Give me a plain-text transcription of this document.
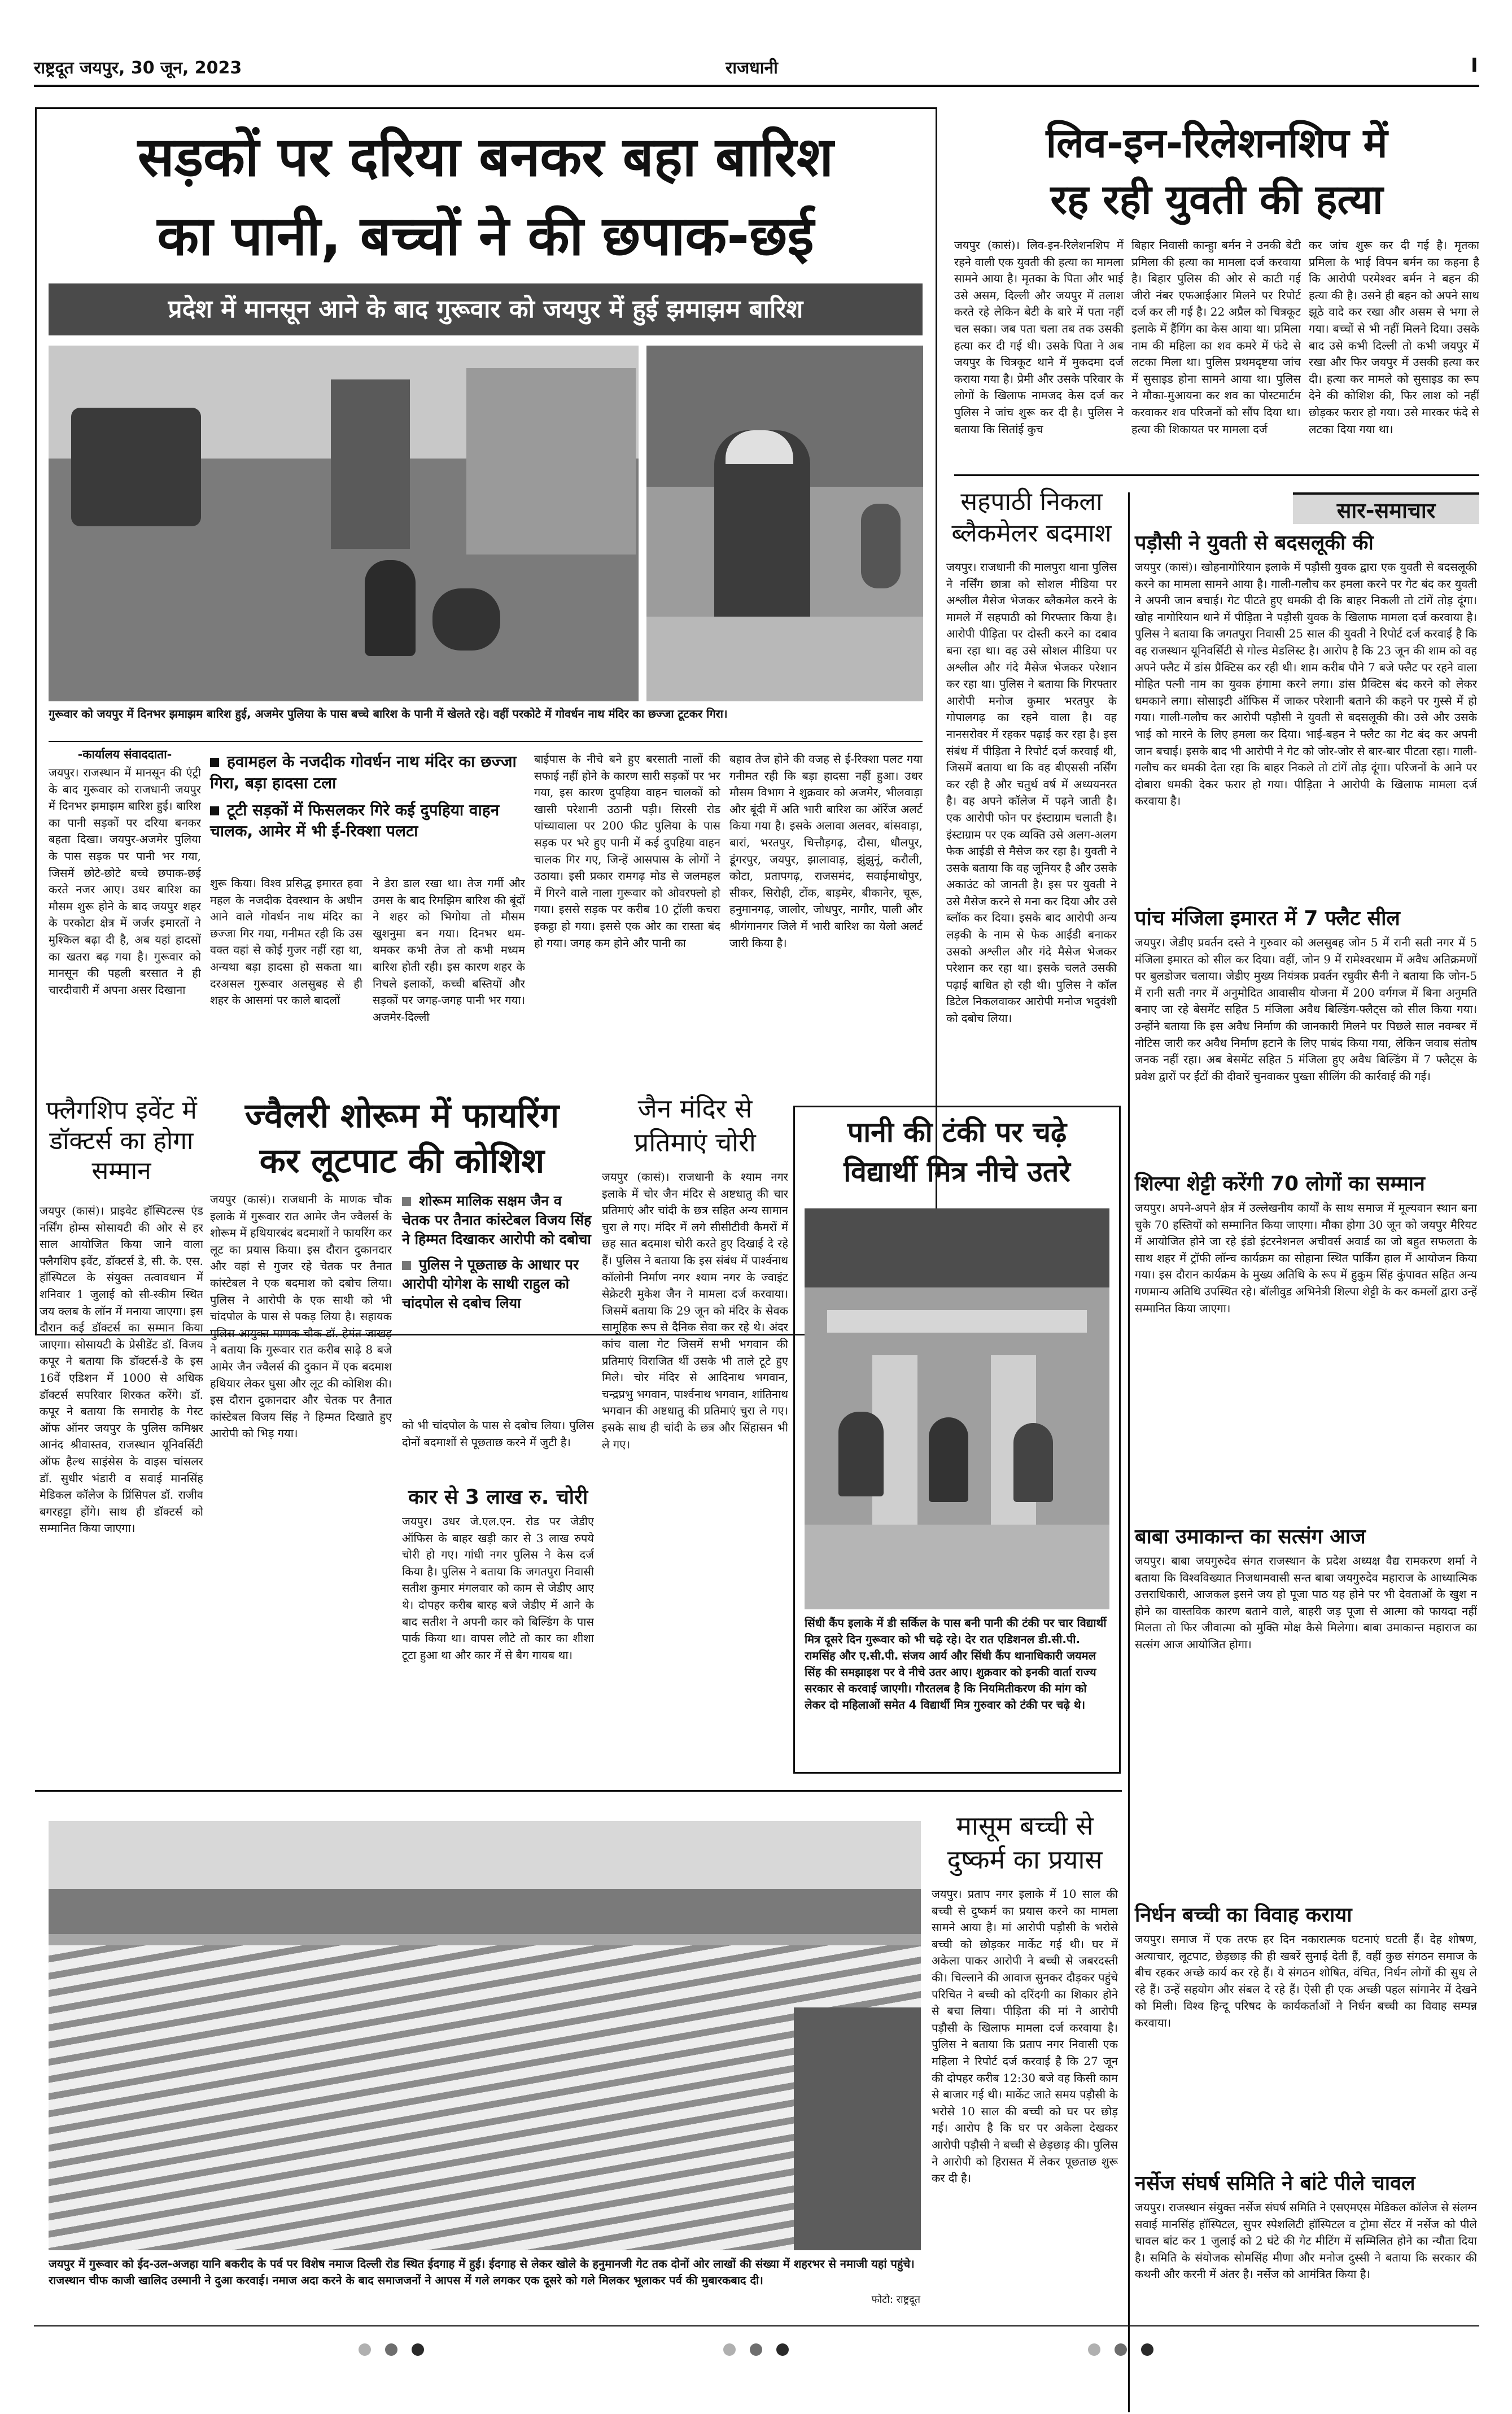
राष्ट्रदूत जयपुर, 30 जून, 2023	राजधानी	I
सड़कों पर दरिया बनकर बहा बारिश
का पानी, बच्चों ने की छपाक-छई
प्रदेश में मानसून आने के बाद गुरूवार को जयपुर में हुई झमाझम बारिश
गुरूवार को जयपुर में दिनभर झमाझम बारिश हुई, अजमेर पुलिया के पास बच्चे बारिश के पानी में खेलते रहे। वहीं परकोटे में गोवर्धन नाथ मंदिर का छज्जा टूटकर गिरा।
-कार्यालय संवाददाता-
जयपुर। राजस्थान में मानसून की एंट्री के बाद गुरूवार को राजधानी जयपुर में दिनभर झमाझम बारिश हुई। बारिश का पानी सड़कों पर दरिया बनकर बहता दिखा। जयपुर-अजमेर पुलिया के पास सड़क पर पानी भर गया, जिसमें छोटे-छोटे बच्चे छपाक-छई करते नजर आए। उधर बारिश का मौसम शुरू होने के बाद जयपुर शहर के परकोटा क्षेत्र में जर्जर इमारतों ने मुश्किल बढ़ा दी है, अब यहां हादसों का खतरा बढ़ गया है। गुरूवार को मानसून की पहली बरसात ने ही चारदीवारी में अपना असर दिखाना
हवामहल के नजदीक गोवर्धन नाथ मंदिर का छज्जा गिरा, बड़ा हादसा टला
टूटी सड़कों में फिसलकर गिरे कई दुपहिया वाहन चालक, आमेर में भी ई-रिक्शा पलटा
शुरू किया। विश्व प्रसिद्ध इमारत हवा महल के नजदीक देवस्थान के अधीन आने वाले गोवर्धन नाथ मंदिर का छज्जा गिर गया, गनीमत रही कि उस वक्त वहां से कोई गुजर नहीं रहा था, अन्यथा बड़ा हादसा हो सकता था। दरअसल गुरूवार अलसुबह से ही शहर के आसमां पर काले बादलों
ने डेरा डाल रखा था। तेज गर्मी और उमस के बाद रिमझिम बारिश की बूंदों ने शहर को भिगोया तो मौसम खुशनुमा बन गया। दिनभर थम-थमकर कभी तेज तो कभी मध्यम बारिश होती रही। इस कारण शहर के निचले इलाकों, कच्ची बस्तियों और सड़कों पर जगह-जगह पानी भर गया। अजमेर-दिल्ली
बाईपास के नीचे बने हुए बरसाती नालों की सफाई नहीं होने के कारण सारी सड़कों पर भर गया, इस कारण दुपहिया वाहन चालकों को खासी परेशानी उठानी पड़ी। सिरसी रोड पांच्यावाला पर 200 फीट पुलिया के पास सड़क पर भरे हुए पानी में कई दुपहिया वाहन चालक गिर गए, जिन्हें आसपास के लोगों ने उठाया। इसी प्रकार रामगढ़ मोड से जलमहल में गिरने वाले नाला गुरूवार को ओवरफ्लो हो गया। इससे सड़क पर करीब 10 ट्रॉली कचरा इकट्ठा हो गया। इससे एक ओर का रास्ता बंद हो गया। जगह कम होने और पानी का
बहाव तेज होने की वजह से ई-रिक्शा पलट गया गनीमत रही कि बड़ा हादसा नहीं हुआ। उधर मौसम विभाग ने शुक्रवार को अजमेर, भीलवाड़ा और बूंदी में अति भारी बारिश का ऑरेंज अलर्ट किया गया है। इसके अलावा अलवर, बांसवाड़ा, बारां, भरतपुर, चित्तौड़गढ़, दौसा, धौलपुर, डूंगरपुर, जयपुर, झालावाड़, झुंझुनूं, करौली, कोटा, प्रतापगढ़, राजसमंद, सवाईमाधोपुर, सीकर, सिरोही, टोंक, बाड़मेर, बीकानेर, चूरू, हनुमानगढ़, जालोर, जोधपुर, नागौर, पाली और श्रीगंगानगर जिले में भारी बारिश का येलो अलर्ट जारी किया है।
लिव-इन-रिलेशनशिप में
रह रही युवती की हत्या
जयपुर (कासं)। लिव-इन-रिलेशनशिप में रहने वाली एक युवती की हत्या का मामला सामने आया है। मृतका के पिता और भाई उसे असम, दिल्ली और जयपुर में तलाश करते रहे लेकिन बेटी के बारे में पता नहीं चल सका। जब पता चला तब तक उसकी हत्या कर दी गई थी। उसके पिता ने अब जयपुर के चित्रकूट थाने में मुकदमा दर्ज कराया गया है। प्रेमी और उसके परिवार के लोगों के खिलाफ नामजद केस दर्ज कर पुलिस ने जांच शुरू कर दी है। पुलिस ने बताया कि सितांई कुच
बिहार निवासी कान्हुा बर्मन ने उनकी बेटी प्रमिला की हत्या का मामला दर्ज करवाया है। बिहार पुलिस की ओर से काटी गई जीरो नंबर एफआईआर मिलने पर रिपोर्ट दर्ज कर ली गई है। 22 अप्रैल को चित्रकूट इलाके में हैंगिंग का केस आया था। प्रमिला नाम की महिला का शव कमरे में फंदे से लटका मिला था। पुलिस प्रथमदृष्टया जांच में सुसाइड होना सामने आया था। पुलिस ने मौका-मुआयना कर शव का पोस्टमार्टम करवाकर शव परिजनों को सौंप दिया था। हत्या की शिकायत पर मामला दर्ज
कर जांच शुरू कर दी गई है। मृतका प्रमिला के भाई विपन बर्मन का कहना है कि आरोपी परमेश्वर बर्मन ने बहन की हत्या की है। उसने ही बहन को अपने साथ झूठे वादे कर रखा और असम से भगा ले गया। बच्चों से भी नहीं मिलने दिया। उसके बाद उसे कभी दिल्ली तो कभी जयपुर में रखा और फिर जयपुर में उसकी हत्या कर दी। हत्या कर मामले को सुसाइड का रूप देने की कोशिश की, फिर लाश को नहीं छोड़कर फरार हो गया। उसे मारकर फंदे से लटका दिया गया था।
सहपाठी निकला
ब्लैकमेलर बदमाश
जयपुर। राजधानी की मालपुरा थाना पुलिस ने नर्सिंग छात्रा को सोशल मीडिया पर अश्लील मैसेज भेजकर ब्लैकमेल करने के मामले में सहपाठी को गिरफ्तार किया है। आरोपी पीड़िता पर दोस्ती करने का दबाव बना रहा था। वह उसे सोशल मीडिया पर अश्लील और गंदे मैसेज भेजकर परेशान कर रहा था। पुलिस ने बताया कि गिरफ्तार आरोपी मनोज कुमार भरतपुर के गोपालगढ़ का रहने वाला है। वह नानसरोवर में रहकर पढ़ाई कर रहा है। इस संबंध में पीड़िता ने रिपोर्ट दर्ज करवाई थी, जिसमें बताया था कि वह बीएससी नर्सिंग कर रही है और चतुर्थ वर्ष में अध्ययनरत है। वह अपने कॉलेज में पढ़ने जाती है। एक आरोपी फोन पर इंस्टाग्राम चलाती है। इंस्टाग्राम पर एक व्यक्ति उसे अलग-अलग फेक आईडी से मैसेज कर रहा है। युवती ने उसके बताया कि वह जूनियर है और उसके अकाउंट को जानती है। इस पर युवती ने उसे मैसेज करने से मना कर दिया और उसे ब्लॉक कर दिया। इसके बाद आरोपी अन्य लड़की के नाम से फेक आईडी बनाकर उसको अश्लील और गंदे मैसेज भेजकर परेशान कर रहा था। इसके चलते उसकी पढ़ाई बाधित हो रही थी। पुलिस ने कॉल डिटेल निकलवाकर आरोपी मनोज भदुवंशी को दबोच लिया।
सार-समाचार
पड़ौसी ने युवती से बदसलूकी की
जयपुर (कासं)। खोहनागोरियान इलाके में पड़ौसी युवक द्वारा एक युवती से बदसलूकी करने का मामला सामने आया है। गाली-गलौच कर हमला करने पर गेट बंद कर युवती ने अपनी जान बचाई। गेट पीटते हुए धमकी दी कि बाहर निकली तो टांगें तोड़ दूंगा। खोह नागोरियान थाने में पीड़िता ने पड़ौसी युवक के खिलाफ मामला दर्ज करवाया है। पुलिस ने बताया कि जगतपुरा निवासी 25 साल की युवती ने रिपोर्ट दर्ज करवाई है कि वह राजस्थान यूनिवर्सिटी से गोल्ड मेडलिस्ट है। आरोप है कि 23 जून की शाम को वह अपने फ्लैट में डांस प्रैक्टिस कर रही थी। शाम करीब पौने 7 बजे फ्लैट पर रहने वाला मोहित पत्नी नाम का युवक हंगामा करने लगा। डांस प्रैक्टिस बंद करने को लेकर धमकाने लगा। सोसाइटी ऑफिस में जाकर परेशानी बताने की कहने पर गुस्से में हो गया। गाली-गलौच कर आरोपी पड़ौसी ने युवती से बदसलूकी की। उसे और उसके भाई को मारने के लिए हमला कर दिया। भाई-बहन ने फ्लैट का गेट बंद कर अपनी जान बचाई। इसके बाद भी आरोपी ने गेट को जोर-जोर से बार-बार पीटता रहा। गाली-गलौच कर धमकी देता रहा कि बाहर निकले तो टांगें तोड़ दूंगा। परिजनों के आने पर दोबारा धमकी देकर फरार हो गया। पीड़िता ने आरोपी के खिलाफ मामला दर्ज करवाया है।
पांच मंजिला इमारत में 7 फ्लैट सील
जयपुर। जेडीए प्रवर्तन दस्ते ने गुरुवार को अलसुबह जोन 5 में रानी सती नगर में 5 मंजिला इमारत को सील कर दिया। वहीं, जोन 9 में रामेश्वरधाम में अवैध अतिक्रमणों पर बुलडोजर चलाया। जेडीए मुख्य नियंत्रक प्रवर्तन रघुवीर सैनी ने बताया कि जोन-5 में रानी सती नगर में अनुमोदित आवासीय योजना में 200 वर्गगज में बिना अनुमति बनाए जा रहे बेसमेंट सहित 5 मंजिला अवैध बिल्डिंग-फ्लैट्स को सील किया गया। उन्होंने बताया कि इस अवैध निर्माण की जानकारी मिलने पर पिछले साल नवम्बर में नोटिस जारी कर अवैध निर्माण हटाने के लिए पाबंद किया गया, लेकिन जवाब संतोष जनक नहीं रहा। अब बेसमेंट सहित 5 मंजिला हुए अवैध बिल्डिंग में 7 फ्लैट्स के प्रवेश द्वारों पर ईंटों की दीवारें चुनवाकर पुख्ता सीलिंग की कार्रवाई की गई।
शिल्पा शेट्टी करेंगी 70 लोगों का सम्मान
जयपुर। अपने-अपने क्षेत्र में उल्लेखनीय कार्यों के साथ समाज में मूल्यवान स्थान बना चुके 70 हस्तियों को सम्मानित किया जाएगा। मौका होगा 30 जून को जयपुर मैरियट में आयोजित होने जा रहे इंडो इंटरनेशनल अचीवर्स अवार्ड का जो बहुत सफलता के साथ शहर में ट्रॉफी लॉन्च कार्यक्रम का सोहाना स्थित पार्किंग हाल में आयोजन किया गया। इस दौरान कार्यक्रम के मुख्य अतिथि के रूप में हुकुम सिंह कुंपावत सहित अन्य गणमान्य अतिथि उपस्थित रहे। बॉलीवुड अभिनेत्री शिल्पा शेट्टी के कर कमलों द्वारा उन्हें सम्मानित किया जाएगा।
बाबा उमाकान्त का सत्संग आज
जयपुर। बाबा जयगुरुदेव संगत राजस्थान के प्रदेश अध्यक्ष वैद्य रामकरण शर्मा ने बताया कि विश्वविख्यात निजधामवासी सन्त बाबा जयगुरुदेव महाराज के आध्यात्मिक उत्तराधिकारी, आजकल इसने जय हो पूजा पाठ यह होने पर भी देवताओं के खुश न होने का वास्तविक कारण बताने वाले, बाहरी जड़ पूजा से आत्मा को फायदा नहीं मिलता तो फिर जीवात्मा को मुक्ति मोक्ष कैसे मिलेगा। बाबा उमाकान्त महाराज का सत्संग आज आयोजित होगा।
निर्धन बच्ची का विवाह कराया
जयपुर। समाज में एक तरफ हर दिन नकारात्मक घटनाएं घटती हैं। देह शोषण, अत्याचार, लूटपाट, छेड़छाड़ की ही खबरें सुनाई देती हैं, वहीं कुछ संगठन समाज के बीच रहकर अच्छे कार्य कर रहे हैं। ये संगठन शोषित, वंचित, निर्धन लोगों की सुध ले रहे हैं। उन्हें सहयोग और संबल दे रहे हैं। ऐसी ही एक अच्छी पहल सांगानेर में देखने को मिली। विश्व हिन्दू परिषद के कार्यकर्ताओं ने निर्धन बच्ची का विवाह सम्पन्न करवाया।
नर्सेज संघर्ष समिति ने बांटे पीले चावल
जयपुर। राजस्थान संयुक्त नर्सेज संघर्ष समिति ने एसएमएस मेडिकल कॉलेज से संलग्न सवाई मानसिंह हॉस्पिटल, सुपर स्पेशलिटी हॉस्पिटल व ट्रोमा सेंटर में नर्सेज को पीले चावल बांट कर 1 जुलाई को 2 घंटे की गेट मीटिंग में सम्मिलित होने का न्यौता दिया है। समिति के संयोजक सोमसिंह मीणा और मनोज दुस्सी ने बताया कि सरकार की कथनी और करनी में अंतर है। नर्सेज को आमंत्रित किया है।
फ्लैगशिप इवेंट में डॉक्टर्स का होगा सम्मान
जयपुर (कासं)। प्राइवेट हॉस्पिटल्स एंड नर्सिंग होम्स सोसायटी की ओर से हर साल आयोजित किया जाने वाला फ्लैगशिप इवेंट, डॉक्टर्स डे, सी. के. एस. हॉस्पिटल के संयुक्त तत्वावधान में शनिवार 1 जुलाई को सी-स्कीम स्थित जय क्लब के लॉन में मनाया जाएगा। इस दौरान कई डॉक्टर्स का सम्मान किया जाएगा। सोसायटी के प्रेसीडेंट डॉ. विजय कपूर ने बताया कि डॉक्टर्स-डे के इस 16वें एडिशन में 1000 से अधिक डॉक्टर्स सपरिवार शिरकत करेंगे। डॉ. कपूर ने बताया कि समारोह के गेस्ट ऑफ ऑनर जयपुर के पुलिस कमिश्नर आनंद श्रीवास्तव, राजस्थान यूनिवर्सिटी ऑफ हैल्थ साइंसेस के वाइस चांसलर डॉ. सुधीर भंडारी व सवाई मानसिंह मेडिकल कॉलेज के प्रिंसिपल डॉ. राजीव बगरहट्टा होंगे। साथ ही डॉक्टर्स को सम्मानित किया जाएगा।
ज्वैलरी शोरूम में फायरिंग
कर लूटपाट की कोशिश
जयपुर (कासं)। राजधानी के माणक चौक इलाके में गुरूवार रात आमेर जैन ज्वैलर्स के शोरूम में हथियारबंद बदमाशों ने फायरिंग कर लूट का प्रयास किया। इस दौरान दुकानदार और वहां से गुजर रहे चेतक पर तैनात कांस्टेबल ने एक बदमाश को दबोच लिया। पुलिस ने आरोपी के एक साथी को भी चांदपोल के पास से पकड़ लिया है। सहायक पुलिस आयुक्त माणक चौक डॉ. हेमंत जाखड़ ने बताया कि गुरूवार रात करीब साढ़े 8 बजे आमेर जैन ज्वैलर्स की दुकान में एक बदमाश हथियार लेकर घुसा और लूट की कोशिश की। इस दौरान दुकानदार और चेतक पर तैनात कांस्टेबल विजय सिंह ने हिम्मत दिखाते हुए आरोपी को भिड़ गया।
शोरूम मालिक सक्षम जैन व चेतक पर तैनात कांस्टेबल विजय सिंह ने हिम्मत दिखाकर आरोपी को दबोचा
पुलिस ने पूछताछ के आधार पर आरोपी योगेश के साथी राहुल को चांदपोल से दबोच लिया
को भी चांदपोल के पास से दबोच लिया। पुलिस दोनों बदमाशों से पूछताछ करने में जुटी है।
कार से 3 लाख रु. चोरी
जयपुर। उधर जे.एल.एन. रोड पर जेडीए ऑफिस के बाहर खड़ी कार से 3 लाख रुपये चोरी हो गए। गांधी नगर पुलिस ने केस दर्ज किया है। पुलिस ने बताया कि जगतपुरा निवासी सतीश कुमार मंगलवार को काम से जेडीए आए थे। दोपहर करीब बारह बजे जेडीए में आने के बाद सतीश ने अपनी कार को बिल्डिंग के पास पार्क किया था। वापस लौटे तो कार का शीशा टूटा हुआ था और कार में से बैग गायब था।
जैन मंदिर से
प्रतिमाएं चोरी
जयपुर (कासं)। राजधानी के श्याम नगर इलाके में चोर जैन मंदिर से अष्टधातु की चार प्रतिमाएं और चांदी के छत्र सहित अन्य सामान चुरा ले गए। मंदिर में लगे सीसीटीवी कैमरों में छह सात बदमाश चोरी करते हुए दिखाई दे रहे हैं। पुलिस ने बताया कि इस संबंध में पार्श्वनाथ कॉलोनी निर्माण नगर श्याम नगर के ज्वाइंट सेक्रेटरी मुकेश जैन ने मामला दर्ज करवाया। जिसमें बताया कि 29 जून को मंदिर के सेवक सामूहिक रूप से दैनिक सेवा कर रहे थे। अंदर कांच वाला गेट जिसमें सभी भगवान की प्रतिमाएं विराजित थीं उसके भी ताले टूटे हुए मिले। चोर मंदिर से आदिनाथ भगवान, चन्द्रप्रभु भगवान, पार्श्वनाथ भगवान, शांतिनाथ भगवान की अष्टधातु की प्रतिमाएं चुरा ले गए। इसके साथ ही चांदी के छत्र और सिंहासन भी ले गए।
पानी की टंकी पर चढ़े
विद्यार्थी मित्र नीचे उतरे
सिंधी कैंप इलाके में डी सर्किल के पास बनी पानी की टंकी पर चार विद्यार्थी मित्र दूसरे दिन गुरूवार को भी चढ़े रहे। देर रात एडिशनल डी.सी.पी. रामसिंह और ए.सी.पी. संजय आर्य और सिंधी कैंप थानाधिकारी जयमल सिंह की समझाइश पर वे नीचे उतर आए। शुक्रवार को इनकी वार्ता राज्य सरकार से करवाई जाएगी। गौरतलब है कि नियमितीकरण की मांग को लेकर दो महिलाओं समेत 4 विद्यार्थी मित्र गुरुवार को टंकी पर चढ़े थे।
जयपुर में गुरूवार को ईद-उल-अजहा यानि बकरीद के पर्व पर विशेष नमाज दिल्ली रोड स्थित ईदगाह में हुई। ईदगाह से लेकर खोले के हनुमानजी गेट तक दोनों ओर लाखों की संख्या में शहरभर से नमाजी यहां पहुंचे। राजस्थान चीफ काजी खालिद उस्मानी ने दुआ करवाई। नमाज अदा करने के बाद समाजजनों ने आपस में गले लगकर एक दूसरे को गले मिलकर भूलाकर पर्व की मुबारकबाद दी।
फोटो: राष्ट्रदूत
मासूम बच्ची से
दुष्कर्म का प्रयास
जयपुर। प्रताप नगर इलाके में 10 साल की बच्ची से दुष्कर्म का प्रयास करने का मामला सामने आया है। मां आरोपी पड़ौसी के भरोसे बच्ची को छोड़कर मार्केट गई थी। घर में अकेला पाकर आरोपी ने बच्ची से जबरदस्ती की। चिल्लाने की आवाज सुनकर दौड़कर पहुंचे परिचित ने बच्ची को दरिंदगी का शिकार होने से बचा लिया। पीड़िता की मां ने आरोपी पड़ौसी के खिलाफ मामला दर्ज करवाया है। पुलिस ने बताया कि प्रताप नगर निवासी एक महिला ने रिपोर्ट दर्ज करवाई है कि 27 जून की दोपहर करीब 12:30 बजे वह किसी काम से बाजार गई थी। मार्केट जाते समय पड़ौसी के भरोसे 10 साल की बच्ची को घर पर छोड़ गई। आरोप है कि घर पर अकेला देखकर आरोपी पड़ौसी ने बच्ची से छेड़छाड़ की। पुलिस ने आरोपी को हिरासत में लेकर पूछताछ शुरू कर दी है।
